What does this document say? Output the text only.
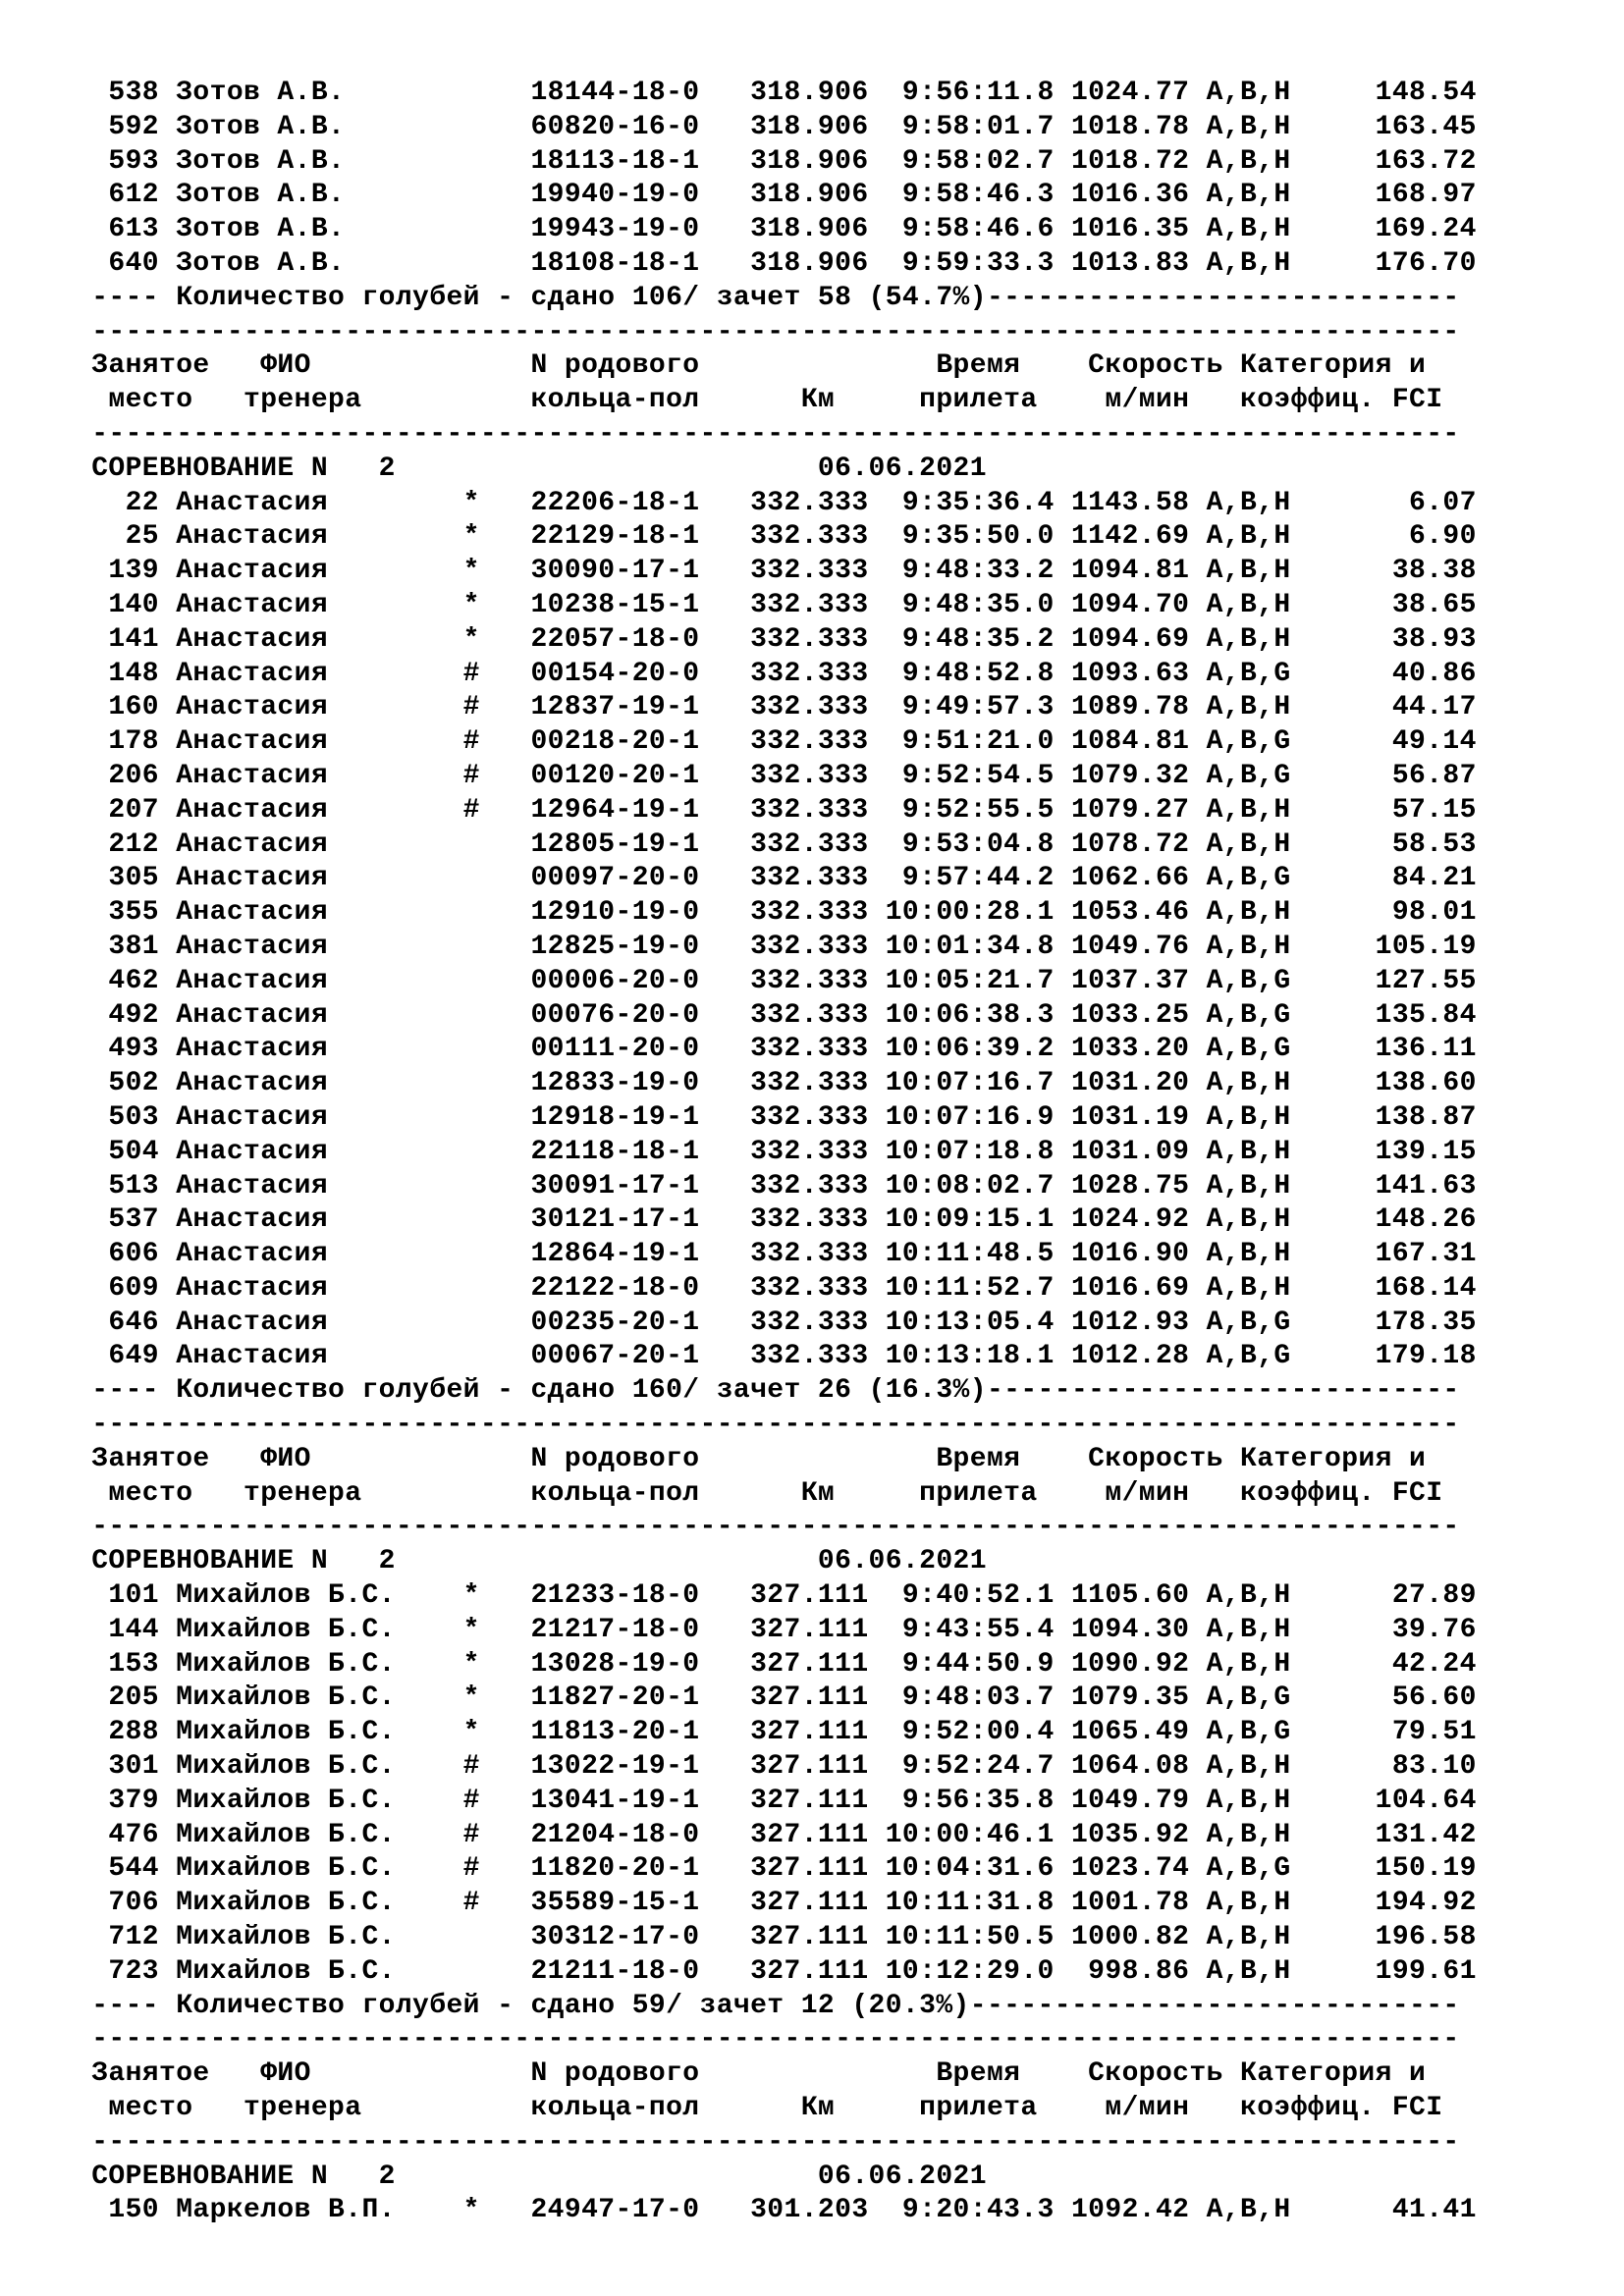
538 Зотов А.В.           18144-18-0   318.906  9:56:11.8 1024.77 A,B,H     148.54
592 Зотов А.В.           60820-16-0   318.906  9:58:01.7 1018.78 A,B,H     163.45
593 Зотов А.В.           18113-18-1   318.906  9:58:02.7 1018.72 A,B,H     163.72
612 Зотов А.В.           19940-19-0   318.906  9:58:46.3 1016.36 A,B,H     168.97
613 Зотов А.В.           19943-19-0   318.906  9:58:46.6 1016.35 A,B,H     169.24
640 Зотов А.В.           18108-18-1   318.906  9:59:33.3 1013.83 A,B,H     176.70
---- Количество голубей - сдано 106/ зачет 58 (54.7%)----------------------------
---------------------------------------------------------------------------------
Занятое   ФИО             N родового              Время    Скорость Категория и
место   тренера          кольца-пол      Км     прилета    м/мин   коэффиц. FCI
---------------------------------------------------------------------------------
СОРЕВНОВАНИЕ N   2                         06.06.2021
22 Анастасия        *   22206-18-1   332.333  9:35:36.4 1143.58 A,B,H       6.07
25 Анастасия        *   22129-18-1   332.333  9:35:50.0 1142.69 A,B,H       6.90
139 Анастасия        *   30090-17-1   332.333  9:48:33.2 1094.81 A,B,H      38.38
140 Анастасия        *   10238-15-1   332.333  9:48:35.0 1094.70 A,B,H      38.65
141 Анастасия        *   22057-18-0   332.333  9:48:35.2 1094.69 A,B,H      38.93
148 Анастасия        #   00154-20-0   332.333  9:48:52.8 1093.63 A,B,G      40.86
160 Анастасия        #   12837-19-1   332.333  9:49:57.3 1089.78 A,B,H      44.17
178 Анастасия        #   00218-20-1   332.333  9:51:21.0 1084.81 A,B,G      49.14
206 Анастасия        #   00120-20-1   332.333  9:52:54.5 1079.32 A,B,G      56.87
207 Анастасия        #   12964-19-1   332.333  9:52:55.5 1079.27 A,B,H      57.15
212 Анастасия            12805-19-1   332.333  9:53:04.8 1078.72 A,B,H      58.53
305 Анастасия            00097-20-0   332.333  9:57:44.2 1062.66 A,B,G      84.21
355 Анастасия            12910-19-0   332.333 10:00:28.1 1053.46 A,B,H      98.01
381 Анастасия            12825-19-0   332.333 10:01:34.8 1049.76 A,B,H     105.19
462 Анастасия            00006-20-0   332.333 10:05:21.7 1037.37 A,B,G     127.55
492 Анастасия            00076-20-0   332.333 10:06:38.3 1033.25 A,B,G     135.84
493 Анастасия            00111-20-0   332.333 10:06:39.2 1033.20 A,B,G     136.11
502 Анастасия            12833-19-0   332.333 10:07:16.7 1031.20 A,B,H     138.60
503 Анастасия            12918-19-1   332.333 10:07:16.9 1031.19 A,B,H     138.87
504 Анастасия            22118-18-1   332.333 10:07:18.8 1031.09 A,B,H     139.15
513 Анастасия            30091-17-1   332.333 10:08:02.7 1028.75 A,B,H     141.63
537 Анастасия            30121-17-1   332.333 10:09:15.1 1024.92 A,B,H     148.26
606 Анастасия            12864-19-1   332.333 10:11:48.5 1016.90 A,B,H     167.31
609 Анастасия            22122-18-0   332.333 10:11:52.7 1016.69 A,B,H     168.14
646 Анастасия            00235-20-1   332.333 10:13:05.4 1012.93 A,B,G     178.35
649 Анастасия            00067-20-1   332.333 10:13:18.1 1012.28 A,B,G     179.18
---- Количество голубей - сдано 160/ зачет 26 (16.3%)----------------------------
---------------------------------------------------------------------------------
Занятое   ФИО             N родового              Время    Скорость Категория и
место   тренера          кольца-пол      Км     прилета    м/мин   коэффиц. FCI
---------------------------------------------------------------------------------
СОРЕВНОВАНИЕ N   2                         06.06.2021
101 Михайлов Б.С.    *   21233-18-0   327.111  9:40:52.1 1105.60 A,B,H      27.89
144 Михайлов Б.С.    *   21217-18-0   327.111  9:43:55.4 1094.30 A,B,H      39.76
153 Михайлов Б.С.    *   13028-19-0   327.111  9:44:50.9 1090.92 A,B,H      42.24
205 Михайлов Б.С.    *   11827-20-1   327.111  9:48:03.7 1079.35 A,B,G      56.60
288 Михайлов Б.С.    *   11813-20-1   327.111  9:52:00.4 1065.49 A,B,G      79.51
301 Михайлов Б.С.    #   13022-19-1   327.111  9:52:24.7 1064.08 A,B,H      83.10
379 Михайлов Б.С.    #   13041-19-1   327.111  9:56:35.8 1049.79 A,B,H     104.64
476 Михайлов Б.С.    #   21204-18-0   327.111 10:00:46.1 1035.92 A,B,H     131.42
544 Михайлов Б.С.    #   11820-20-1   327.111 10:04:31.6 1023.74 A,B,G     150.19
706 Михайлов Б.С.    #   35589-15-1   327.111 10:11:31.8 1001.78 A,B,H     194.92
712 Михайлов Б.С.        30312-17-0   327.111 10:11:50.5 1000.82 A,B,H     196.58
723 Михайлов Б.С.        21211-18-0   327.111 10:12:29.0  998.86 A,B,H     199.61
---- Количество голубей - сдано 59/ зачет 12 (20.3%)-----------------------------
---------------------------------------------------------------------------------
Занятое   ФИО             N родового              Время    Скорость Категория и
место   тренера          кольца-пол      Км     прилета    м/мин   коэффиц. FCI
---------------------------------------------------------------------------------
СОРЕВНОВАНИЕ N   2                         06.06.2021
150 Маркелов В.П.    *   24947-17-0   301.203  9:20:43.3 1092.42 A,B,H      41.41
